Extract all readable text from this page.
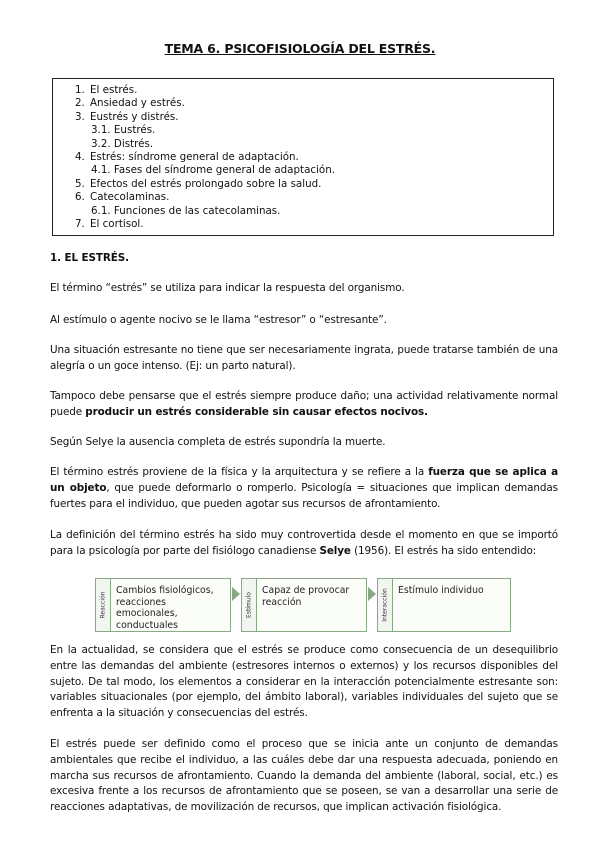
TEMA 6. PSICOFISIOLOGÍA DEL ESTRÉS.
1. El estrés.
2. Ansiedad y estrés.
3. Eustrés y distrés.
3.1. Eustrés.
3.2. Distrés.
4. Estrés: síndrome general de adaptación.
4.1. Fases del síndrome general de adaptación.
5. Efectos del estrés prolongado sobre la salud.
6. Catecolaminas.
6.1. Funciones de las catecolaminas.
7. El cortisol.
1. EL ESTRÉS.
El término “estrés” se utiliza para indicar la respuesta del organismo.
Al estímulo o agente nocivo se le llama “estresor” o “estresante”.
Una situación estresante no tiene que ser necesariamente ingrata, puede tratarse también de una alegría o un goce intenso. (Ej: un parto natural).
Tampoco debe pensarse que el estrés siempre produce daño; una actividad relativamente normal puede producir un estrés considerable sin causar efectos nocivos.
Según Selye la ausencia completa de estrés supondría la muerte.
El término estrés proviene de la física y la arquitectura y se refiere a la fuerza que se aplica a un objeto, que puede deformarlo o romperlo. Psicología = situaciones que implican demandas fuertes para el individuo, que pueden agotar sus recursos de afrontamiento.
La definición del término estrés ha sido muy controvertida desde el momento en que se importó para la psicología por parte del fisiólogo canadiense Selye (1956). El estrés ha sido entendido:
Reacción
Cambios fisiológicos, reacciones emocionales, conductuales
Estímulo
Capaz de provocar reacción	Interacción Estímulo individuo
En la actualidad, se considera que el estrés se produce como consecuencia de un desequilibrio entre las demandas del ambiente (estresores internos o externos) y los recursos disponibles del sujeto. De tal modo, los elementos a considerar en la interacción potencialmente estresante son: variables situacionales (por ejemplo, del ámbito laboral), variables individuales del sujeto que se enfrenta a la situación y consecuencias del estrés.
El estrés puede ser definido como el proceso que se inicia ante un conjunto de demandas ambientales que recibe el individuo, a las cuáles debe dar una respuesta adecuada, poniendo en marcha sus recursos de afrontamiento. Cuando la demanda del ambiente (laboral, social, etc.) es excesiva frente a los recursos de afrontamiento que se poseen, se van a desarrollar una serie de reacciones adaptativas, de movilización de recursos, que implican activación fisiológica.
